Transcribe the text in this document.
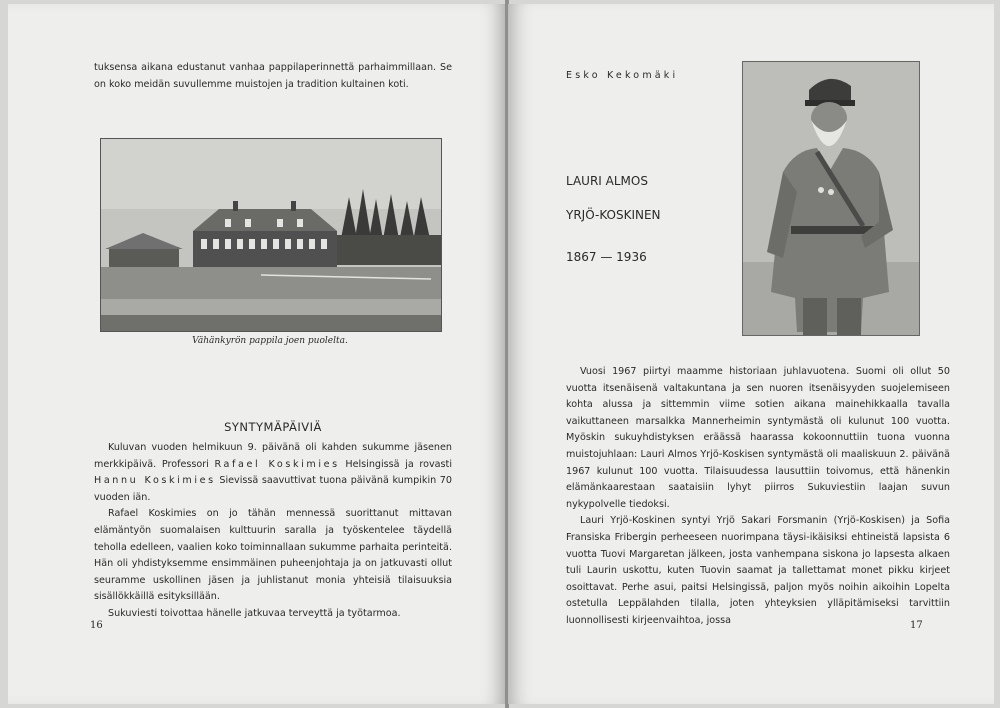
tuksensa aikana edustanut vanhaa pappilaperinnettä parhaimmillaan. Se on koko meidän suvullemme muistojen ja tradition kultainen koti.

Vähänkyrön pappila joen puolelta.
SYNTYMÄPÄIVIÄ

Kuluvan vuoden helmikuun 9. päivänä oli kahden sukumme jäsenen merkkipäivä. Professori Rafael Koskimies Helsingissä ja rovasti Hannu Koskimies Sievissä saavuttivat tuona päivänä kumpikin 70 vuoden iän.

Rafael Koskimies on jo tähän mennessä suorittanut mittavan elämäntyön suomalaisen kulttuurin saralla ja työskentelee täydellä teholla edelleen, vaalien koko toiminnallaan sukumme parhaita perinteitä. Hän oli yhdistyksemme ensimmäinen puheenjohtaja ja on jatkuvasti ollut seuramme uskollinen jäsen ja juhlistanut monia yhteisiä tilaisuuksia sisällökkäillä esityksillään.

Sukuviesti toivottaa hänelle jatkuvaa terveyttä ja työtarmoa.

16
Esko Kekomäki
LAURI ALMOS
YRJÖ-KOSKINEN
1867 — 1936

Vuosi 1967 piirtyi maamme historiaan juhlavuotena. Suomi oli ollut 50 vuotta itsenäisenä valtakuntana ja sen nuoren itsenäisyyden suojelemiseen kohta alussa ja sittemmin viime sotien aikana mainehikkaalla tavalla vaikuttaneen marsalkka Mannerheimin syntymästä oli kulunut 100 vuotta. Myöskin sukuyhdistyksen eräässä haarassa kokoonnuttiin tuona vuonna muistojuhlaan: Lauri Almos Yrjö-Koskisen syntymästä oli maaliskuun 2. päivänä 1967 kulunut 100 vuotta. Tilaisuudessa lausuttiin toivomus, että hänenkin elämänkaarestaan saataisiin lyhyt piirros Sukuviestiin laajan suvun nykypolvelle tiedoksi.

Lauri Yrjö-Koskinen syntyi Yrjö Sakari Forsmanin (Yrjö-Koskisen) ja Sofia Fransiska Fribergin perheeseen nuorimpana täysi-ikäisiksi ehtineistä lapsista 6 vuotta Tuovi Margaretan jälkeen, josta vanhempana siskona jo lapsesta alkaen tuli Laurin uskottu, kuten Tuovin saamat ja tallettamat monet pikku kirjeet osoittavat. Perhe asui, paitsi Helsingissä, paljon myös noihin aikoihin Lopelta ostetulla Leppälahden tilalla, joten yhteyksien ylläpitämiseksi tarvittiin luonnollisesti kirjeenvaihtoa, jossa	17
